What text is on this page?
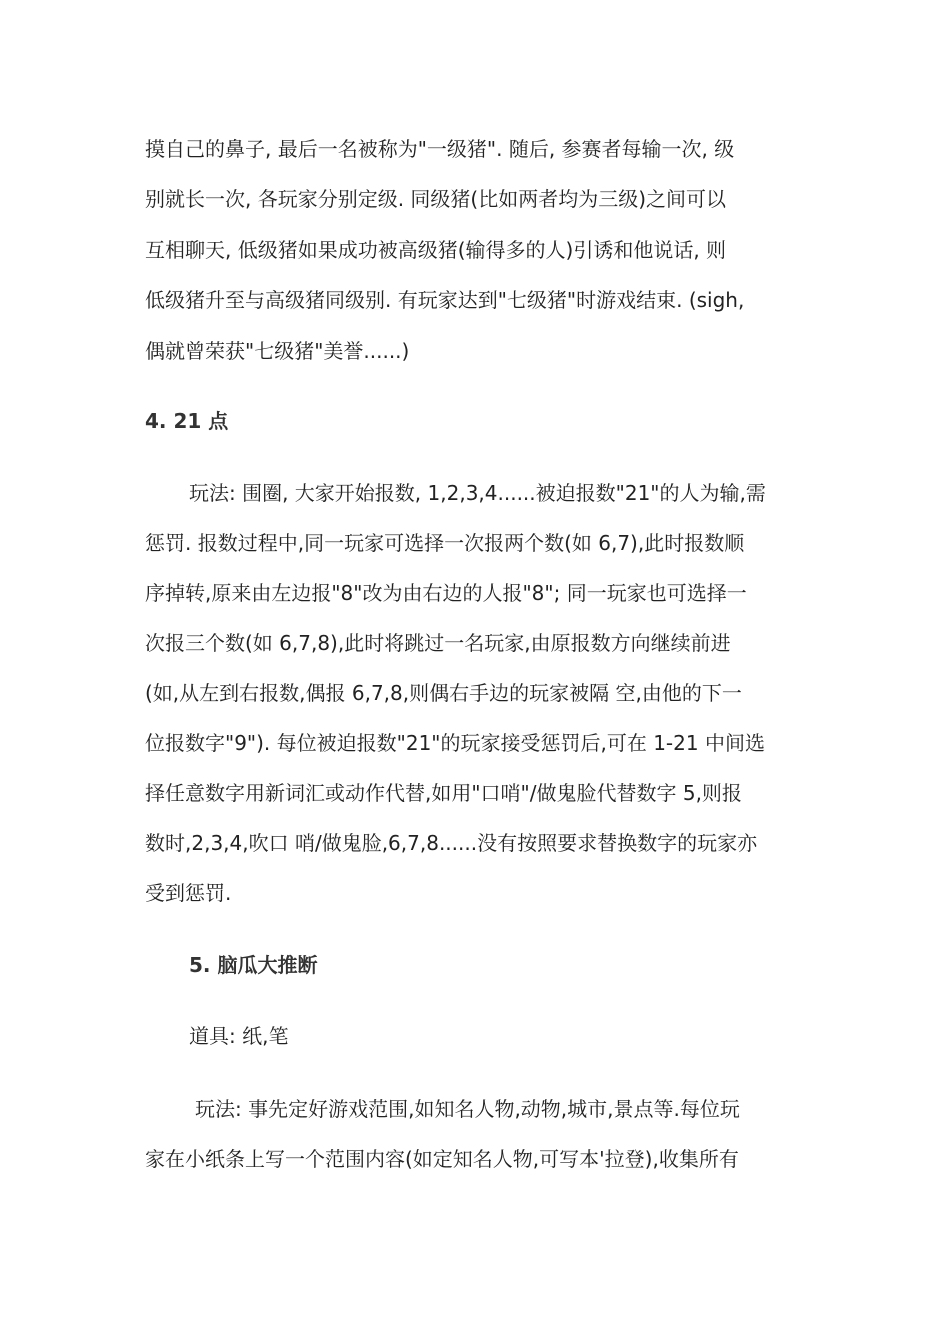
摸自己的鼻子, 最后一名被称为"一级猪". 随后, 参赛者每输一次, 级
别就长一次, 各玩家分别定级. 同级猪(比如两者均为三级)之间可以
互相聊天, 低级猪如果成功被高级猪(输得多的人)引诱和他说话, 则
低级猪升至与高级猪同级别. 有玩家达到"七级猪"时游戏结束. (sigh,
偶就曾荣获"七级猪"美誉......)
4. 21 点
玩法: 围圈, 大家开始报数, 1,2,3,4......被迫报数"21"的人为输,需
惩罚. 报数过程中,同一玩家可选择一次报两个数(如 6,7),此时报数顺
序掉转,原来由左边报"8"改为由右边的人报"8"; 同一玩家也可选择一
次报三个数(如 6,7,8),此时将跳过一名玩家,由原报数方向继续前进
(如,从左到右报数,偶报 6,7,8,则偶右手边的玩家被隔 空,由他的下一
位报数字"9"). 每位被迫报数"21"的玩家接受惩罚后,可在 1-21 中间选
择任意数字用新词汇或动作代替,如用"口哨"/做鬼脸代替数字 5,则报
数时,2,3,4,吹口 哨/做鬼脸,6,7,8......没有按照要求替换数字的玩家亦
受到惩罚.
5. 脑瓜大推断
道具: 纸,笔
玩法: 事先定好游戏范围,如知名人物,动物,城市,景点等.每位玩
家在小纸条上写一个范围内容(如定知名人物,可写本'拉登),收集所有
